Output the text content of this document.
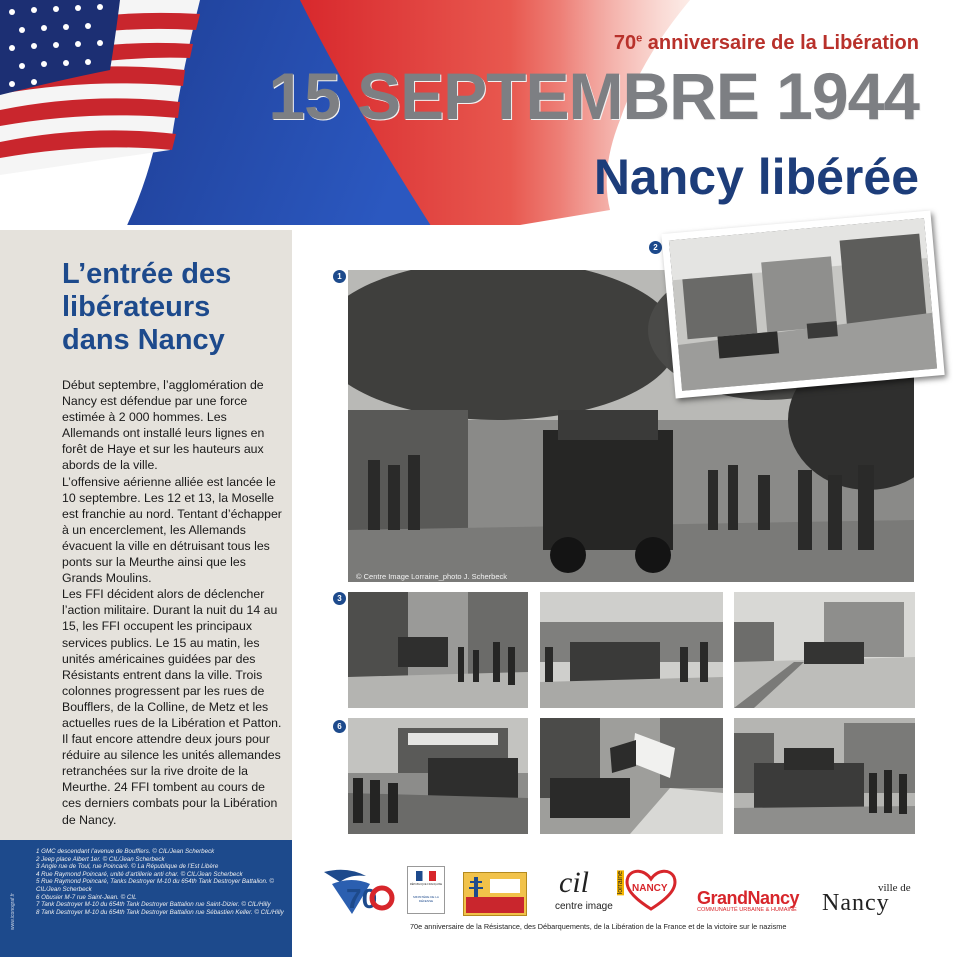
70e anniversaire de la Libération
15 SEPTEMBRE 1944
Nancy libérée
L’entrée des libérateurs dans Nancy

Début septembre, l’agglomération de Nancy est défendue par une force estimée à 2 000 hommes. Les Allemands ont installé leurs lignes en forêt de Haye et sur les hauteurs aux abords de la ville.

L’offensive aérienne alliée est lancée le 10 septembre. Les 12 et 13, la Moselle est franchie au nord. Tentant d’échapper à un encerclement, les Allemands évacuent la ville en détruisant tous les ponts sur la Meurthe ainsi que les Grands Moulins.

Les FFI décident alors de déclencher l’action militaire. Durant la nuit du 14 au 15, les FFI occupent les principaux services publics. Le 15 au matin, les unités américaines guidées par des Résistants entrent dans la ville. Trois colonnes progressent par les rues de Boufflers, de la Colline, de Metz et les actuelles rues de la Libération et Patton. Il faut encore attendre deux jours pour réduire au silence les unités allemandes retranchées sur la rive droite de la Meurthe. 24 FFI tombent au cours de ces derniers combats pour la Libération de Nancy.

1 GMC descendant l’avenue de Boufflers. © CIL/Jean Scherbeck
2 Jeep place Albert 1er. © CIL/Jean Scherbeck
3 Angle rue de Toul, rue Poincaré. © La République de l’Est Libère
4 Rue Raymond Poincaré, unité d’artillerie anti char. © CIL/Jean Scherbeck
5 Rue Raymond Poincaré, Tanks Destroyer M-10 du 654th Tank Destroyer Battalion. © CIL/Jean Scherbeck
6 Obusier M-7 rue Saint-Jean. © CIL
7 Tank Destroyer M-10 du 654th Tank Destroyer Battalion rue Saint-Dizier. © CIL/Hilly
8 Tank Destroyer M-10 du 654th Tank Destroyer Battalion rue Sébastien Keller. © CIL/Hilly
www.iconograf.fr
1
© Centre Image Lorraine_photo J. Scherbeck
2
3
6
70	RÉPUBLIQUE FRANÇAISE
MINISTÈRE DE LA DÉFENSE
cil
centre image
lorraine NANCY GrandNancy
COMMUNAUTÉ URBAINE & HUMAINE
ville de
Nancy
70e anniversaire de la Résistance, des Débarquements, de la Libération de la France et de la victoire sur le nazisme
